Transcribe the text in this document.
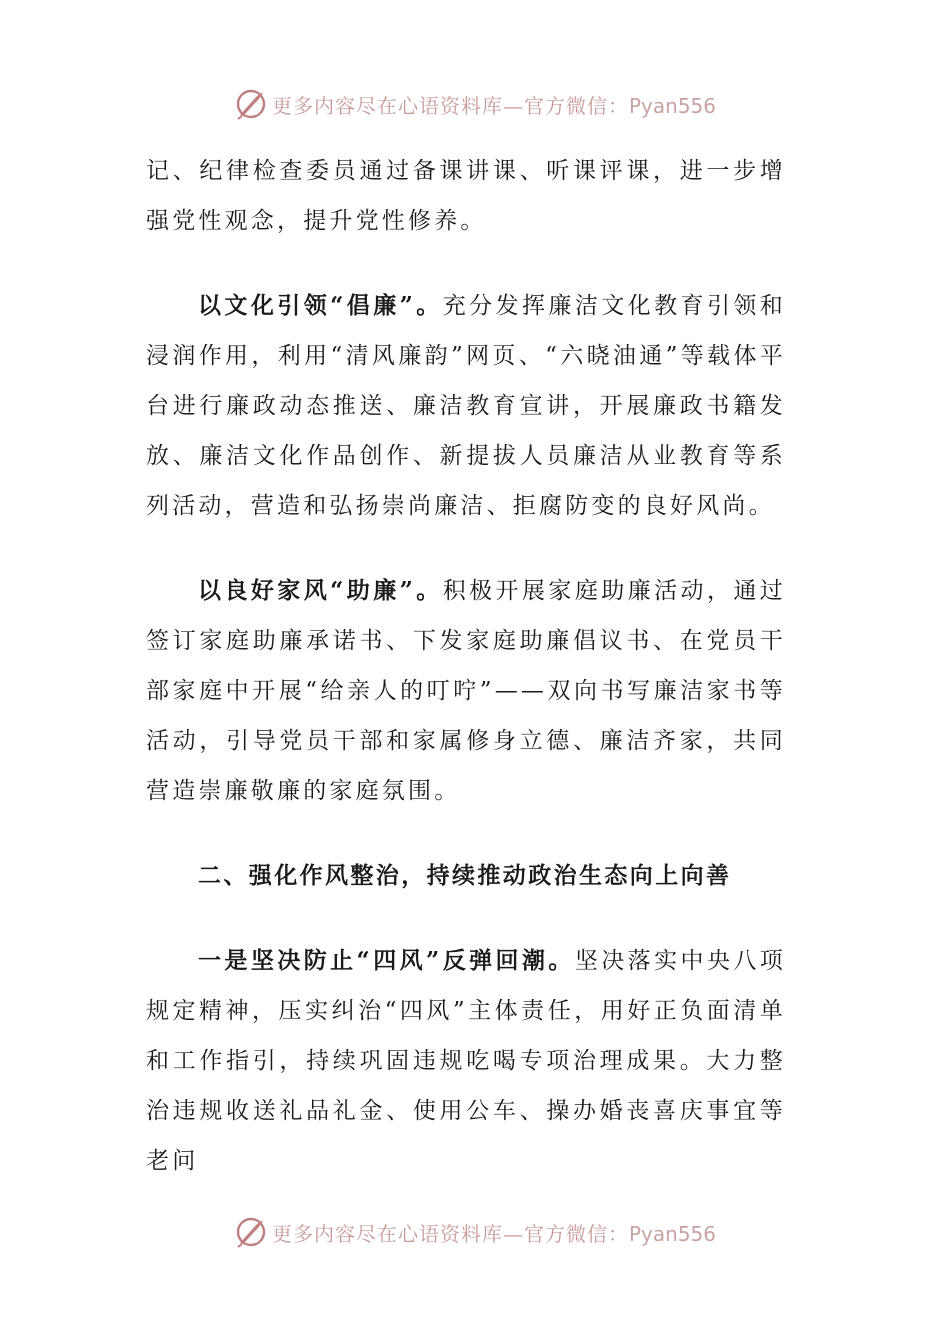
更多内容尽在心语资料库—官方微信：Pyan556

记、纪律检查委员通过备课讲课、听课评课，进一步增强党性观念，提升党性修养。

以文化引领“倡廉”。充分发挥廉洁文化教育引领和浸润作用，利用“清风廉韵”网页、“六晓油通”等载体平台进行廉政动态推送、廉洁教育宣讲，开展廉政书籍发放、廉洁文化作品创作、新提拔人员廉洁从业教育等系列活动，营造和弘扬崇尚廉洁、拒腐防变的良好风尚。

以良好家风“助廉”。积极开展家庭助廉活动，通过签订家庭助廉承诺书、下发家庭助廉倡议书、在党员干部家庭中开展“给亲人的叮咛”——双向书写廉洁家书等活动，引导党员干部和家属修身立德、廉洁齐家，共同营造崇廉敬廉的家庭氛围。

二、强化作风整治，持续推动政治生态向上向善

一是坚决防止“四风”反弹回潮。坚决落实中央八项规定精神，压实纠治“四风”主体责任，用好正负面清单和工作指引，持续巩固违规吃喝专项治理成果。大力整治违规收送礼品礼金、使用公车、操办婚丧喜庆事宜等老问

更多内容尽在心语资料库—官方微信：Pyan556
